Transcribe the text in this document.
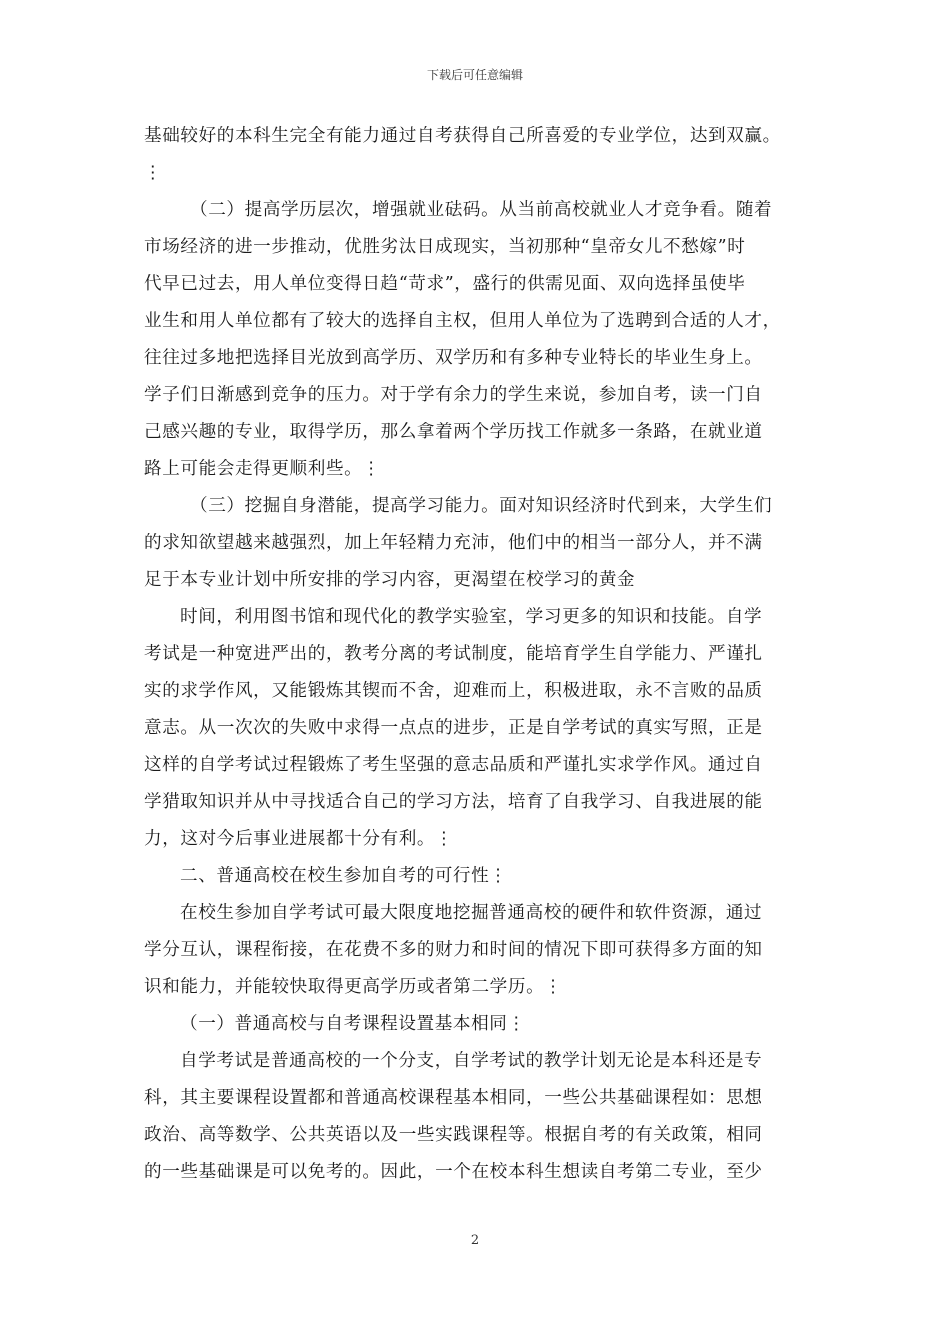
下载后可任意编辑
基础较好的本科生完全有能力通过自考获得自己所喜爱的专业学位，达到双赢。
⋮
（二）提高学历层次，增强就业砝码。从当前高校就业人才竞争看。随着
市场经济的进一步推动，优胜劣汰日成现实，当初那种“皇帝女儿不愁嫁”时
代早已过去，用人单位变得日趋“苛求”，盛行的供需见面、双向选择虽使毕
业生和用人单位都有了较大的选择自主权，但用人单位为了选聘到合适的人才，
往往过多地把选择目光放到高学历、双学历和有多种专业特长的毕业生身上。
学子们日渐感到竞争的压力。对于学有余力的学生来说，参加自考，读一门自
己感兴趣的专业，取得学历，那么拿着两个学历找工作就多一条路，在就业道
路上可能会走得更顺利些。⋮
（三）挖掘自身潜能，提高学习能力。面对知识经济时代到来，大学生们
的求知欲望越来越强烈，加上年轻精力充沛，他们中的相当一部分人，并不满
足于本专业计划中所安排的学习内容，更渴望在校学习的黄金
时间，利用图书馆和现代化的教学实验室，学习更多的知识和技能。自学
考试是一种宽进严出的，教考分离的考试制度，能培育学生自学能力、严谨扎
实的求学作风，又能锻炼其锲而不舍，迎难而上，积极进取，永不言败的品质
意志。从一次次的失败中求得一点点的进步，正是自学考试的真实写照，正是
这样的自学考试过程锻炼了考生坚强的意志品质和严谨扎实求学作风。通过自
学猎取知识并从中寻找适合自己的学习方法，培育了自我学习、自我进展的能
力，这对今后事业进展都十分有利。⋮
二、普通高校在校生参加自考的可行性⋮
在校生参加自学考试可最大限度地挖掘普通高校的硬件和软件资源，通过
学分互认，课程衔接，在花费不多的财力和时间的情况下即可获得多方面的知
识和能力，并能较快取得更高学历或者第二学历。⋮
（一）普通高校与自考课程设置基本相同⋮
自学考试是普通高校的一个分支，自学考试的教学计划无论是本科还是专
科，其主要课程设置都和普通高校课程基本相同，一些公共基础课程如：思想
政治、高等数学、公共英语以及一些实践课程等。根据自考的有关政策，相同
的一些基础课是可以免考的。因此，一个在校本科生想读自考第二专业，至少
2
